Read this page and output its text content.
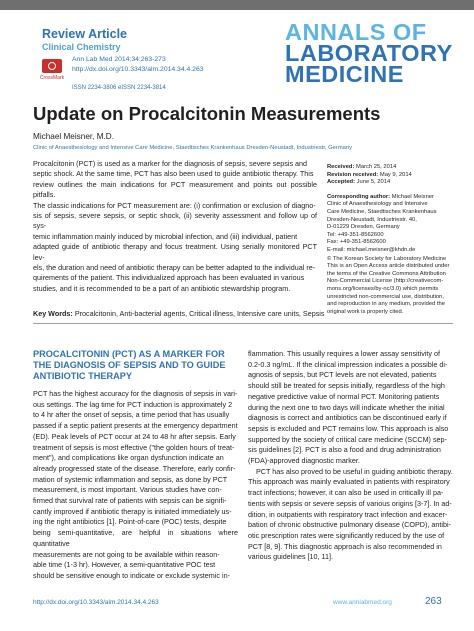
Review Article
Clinical Chemistry
CrossMark
Ann Lab Med 2014;34:263-273
http://dx.doi.org/10.3343/alm.2014.34.4.263
ISSN 2234-3806 eISSN 2234-3814
ANNALS OF
LABORATORY
MEDICINE
Update on Procalcitonin Measurements
Michael Meisner, M.D.
Clinic of Anaesthesiology and Intensive Care Medicine, Staedtisches Krankenhaus Dresden-Neustadt, Industriestr, Germany
Procalcitonin (PCT) is used as a marker for the diagnosis of sepsis, severe sepsis and
septic shock. At the same time, PCT has also been used to guide antibiotic therapy. This
review outlines the main indications for PCT measurement and points out possible pitfalls.
The classic indications for PCT measurement are: (i) confirmation or exclusion of diagno-
sis of sepsis, severe sepsis, or septic shock, (ii) severity assessment and follow up of sys-
temic inflammation mainly induced by microbial infection, and (iii) individual, patient
adapted guide of antibiotic therapy and focus treatment. Using serially monitored PCT lev-
els, the duration and need of antibiotic therapy can be better adapted to the individual re-
quirements of the patient. This individualized approach has been evaluated in various
studies, and it is recommended to be a part of an antibiotic stewardship program.
Received: March 25, 2014
Revision received: May 9, 2014
Accepted: June 5, 2014
Corresponding author: Michael Meisner
Clinic of Anaesthesiology and Intensive
Care Medicine, Staedtisches Krankenhaus
Dresden-Neustadt, Industriestr. 40,
D-01229 Dresden, Germany
Tel: +49-351-8562600
Fax: +49-351-8562600
E-mail: michael.meisner@khdn.de
© The Korean Society for Laboratory Medicine
This is an Open Access article distributed under
the terms of the Creative Commons Attribution
Non-Commercial License (http://creativecom-
mons.org/licenses/by-nc/3.0) which permits
unrestricted non-commercial use, distribution,
and reproduction in any medium, provided the
original work is properly cited.
Key Words: Procalcitonin, Anti-bacterial agents, Critical illness, Intensive care units, Sepsis
PROCALCITONIN (PCT) AS A MARKER FOR
THE DIAGNOSIS OF SEPSIS AND TO GUIDE
ANTIBIOTIC THERAPY
PCT has the highest accuracy for the diagnosis of sepsis in vari-
ous settings. The lag time for PCT induction is approximately 2
to 4 hr after the onset of sepsis, a time period that has usually
passed if a septic patient presents at the emergency department
(ED). Peak levels of PCT occur at 24 to 48 hr after sepsis. Early
treatment of sepsis is most effective ("the golden hours of treat-
ment"), and complications like organ dysfunction indicate an
already progressed state of the disease. Therefore, early confir-
mation of systemic inflammation and sepsis, as done by PCT
measurement, is most important. Various studies have con-
firmed that survival rate of patients with sepsis can be signifi-
cantly improved if antibiotic therapy is initiated immediately us-
ing the right antibiotics [1]. Point-of-care (POC) tests, despite
being semi-quantitative, are helpful in situations where quantitative
measurements are not going to be available within reason-
able time (1-3 hr). However, a semi-quantitative POC test
should be sensitive enough to indicate or exclude systemic in-
flammation. This usually requires a lower assay sensitivity of
0.2-0.3 ng/mL. If the clinical impression indicates a possible di-
agnosis of sepsis, but PCT levels are not elevated, patients
should still be treated for sepsis initially, regardless of the high
negative predictive value of normal PCT. Monitoring patients
during the next one to two days will indicate whether the initial
diagnosis is correct and antibiotics can be discontinued early if
sepsis is excluded and PCT remains low. This approach is also
supported by the society of critical care medicine (SCCM) sep-
sis guidelines [2]. PCT is also a food and drug administration
(FDA)-approved diagnostic marker.
PCT has also proved to be useful in guiding antibiotic therapy.
This approach was mainly evaluated in patients with respiratory
tract infections; however, it can also be used in critically ill pa-
tients with sepsis or severe sepsis of various origins [3-7]. In ad-
dition, in outpatients with respiratory tract infection and exacer-
bation of chronic obstructive pulmonary disease (COPD), antibi-
otic prescription rates were significantly reduced by the use of
PCT [8, 9]. This diagnostic approach is also recommended in
various guidelines [10, 11].
http://dx.doi.org/10.3343/alm.2014.34.4.263	www.annlabmed.org	263
